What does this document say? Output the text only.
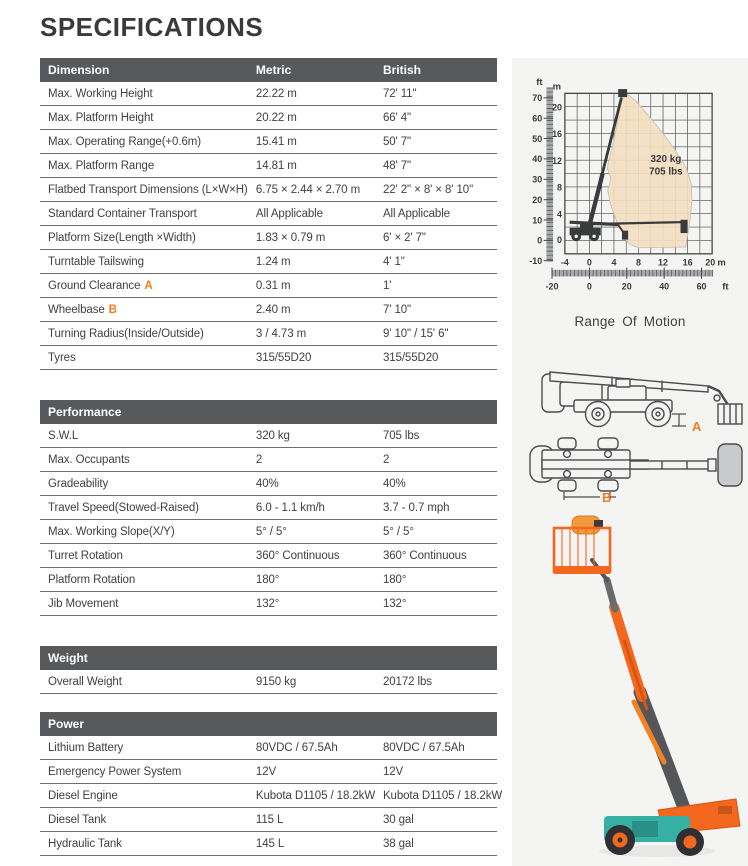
SPECIFICATIONS
Dimension	Metric	British
Max. Working Height	22.22 m	72' 11"
Max. Platform Height	20.22 m	66' 4"
Max. Operating Range(+0.6m)	15.41 m	50' 7"
Max. Platform Range	14.81 m	48' 7"
Flatbed Transport Dimensions (L×W×H)	6.75 × 2.44 × 2.70 m	22' 2" × 8' × 8' 10"
Standard Container Transport	All Applicable	All Applicable
Platform Size(Length ×Width)	1.83 × 0.79 m	6' × 2' 7"
Turntable Tailswing	1.24 m	4' 1"
Ground Clearance A	0.31 m	1'
Wheelbase B	2.40 m	7' 10"
Turning Radius(Inside/Outside)	3 / 4.73 m	9' 10" / 15' 6"
Tyres	315/55D20	315/55D20
Performance		
S.W.L	320 kg	705 lbs
Max. Occupants	2	2
Gradeability	40%	40%
Travel Speed(Stowed-Raised)	6.0 - 1.1 km/h	3.7 - 0.7 mph
Max. Working Slope(X/Y)	5° / 5°	5° / 5°
Turret Rotation	360° Continuous	360° Continuous
Platform Rotation	180°	180°
Jib Movement	132°	132°
Weight
Overall Weight	9150 kg	20172 lbs
Power		
Lithium Battery	80VDC / 67.5Ah	80VDC / 67.5Ah
Emergency Power System	12V	12V
Diesel Engine	Kubota D1105 / 18.2kW	Kubota D1105 / 18.2kW
Diesel Tank	115 L	30 gal
Hydraulic Tank	145 L	38 gal
ft
70
60
50
40
30
20
10
0
-10
m
20
16
12
8
4
0
320 kg
705 lbs
-4 0 4 8 12 16 20 m
-20	0	20	40	60 ft
Range Of Motion
A
B
